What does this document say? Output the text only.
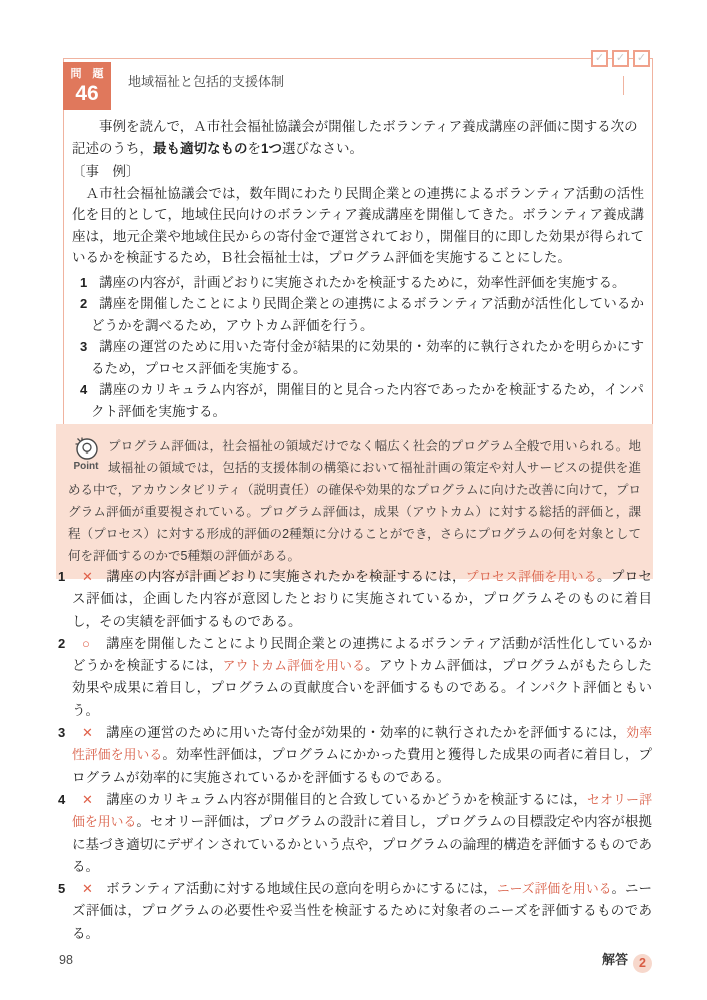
問 題
46
✓	✓	✓
地域福祉と包括的支援体制

事例を読んで，Ａ市社会福祉協議会が開催したボランティア養成講座の評価に関する次の記述のうち，最も適切なものを1つ選びなさい。

〔事　例〕

Ａ市社会福祉協議会では，数年間にわたり民間企業との連携によるボランティア活動の活性化を目的として，地域住民向けのボランティア養成講座を開催してきた。ボランティア養成講座は，地元企業や地域住民からの寄付金で運営されており，開催目的に即した効果が得られているかを検証するため，Ｂ社会福祉士は，プログラム評価を実施することにした。

1 講座の内容が，計画どおりに実施されたかを検証するために，効率性評価を実施する。
2 講座を開催したことにより民間企業との連携によるボランティア活動が活性化しているかどうかを調べるため，アウトカム評価を行う。
3 講座の運営のために用いた寄付金が結果的に効果的・効率的に執行されたかを明らかにするため，プロセス評価を実施する。
4 講座のカリキュラム内容が，開催目的と見合った内容であったかを検証するため，インパクト評価を実施する。
Point
プログラム評価は，社会福祉の領域だけでなく幅広く社会的プログラム全般で用いられる。地域福祉の領域では，包括的支援体制の構築において福祉計画の策定や対人サービスの提供を進める中で，アカウンタビリティ（説明責任）の確保や効果的なプログラムに向けた改善に向けて，プログラム評価が重要視されている。プログラム評価は，成果（アウトカム）に対する総括的評価と，課程（プロセス）に対する形成的評価の2種類に分けることができ，さらにプログラムの何を対象として何を評価するのかで5種類の評価がある。

1 ✕ 講座の内容が計画どおりに実施されたかを検証するには，プロセス評価を用いる。プロセス評価は，企画した内容が意図したとおりに実施されているか，プログラムそのものに着目し，その実績を評価するものである。

2 ○ 講座を開催したことにより民間企業との連携によるボランティア活動が活性化しているかどうかを検証するには，アウトカム評価を用いる。アウトカム評価は，プログラムがもたらした効果や成果に着目し，プログラムの貢献度合いを評価するものである。インパクト評価ともいう。

3 ✕ 講座の運営のために用いた寄付金が効果的・効率的に執行されたかを評価するには，効率性評価を用いる。効率性評価は，プログラムにかかった費用と獲得した成果の両者に着目し，プログラムが効率的に実施されているかを評価するものである。

4 ✕ 講座のカリキュラム内容が開催目的と合致しているかどうかを検証するには，セオリー評価を用いる。セオリー評価は，プログラムの設計に着目し，プログラムの目標設定や内容が根拠に基づき適切にデザインされているかという点や，プログラムの論理的構造を評価するものである。

5 ✕ ボランティア活動に対する地域住民の意向を明らかにするには，ニーズ評価を用いる。ニーズ評価は，プログラムの必要性や妥当性を検証するために対象者のニーズを評価するものである。

解答 2
98
